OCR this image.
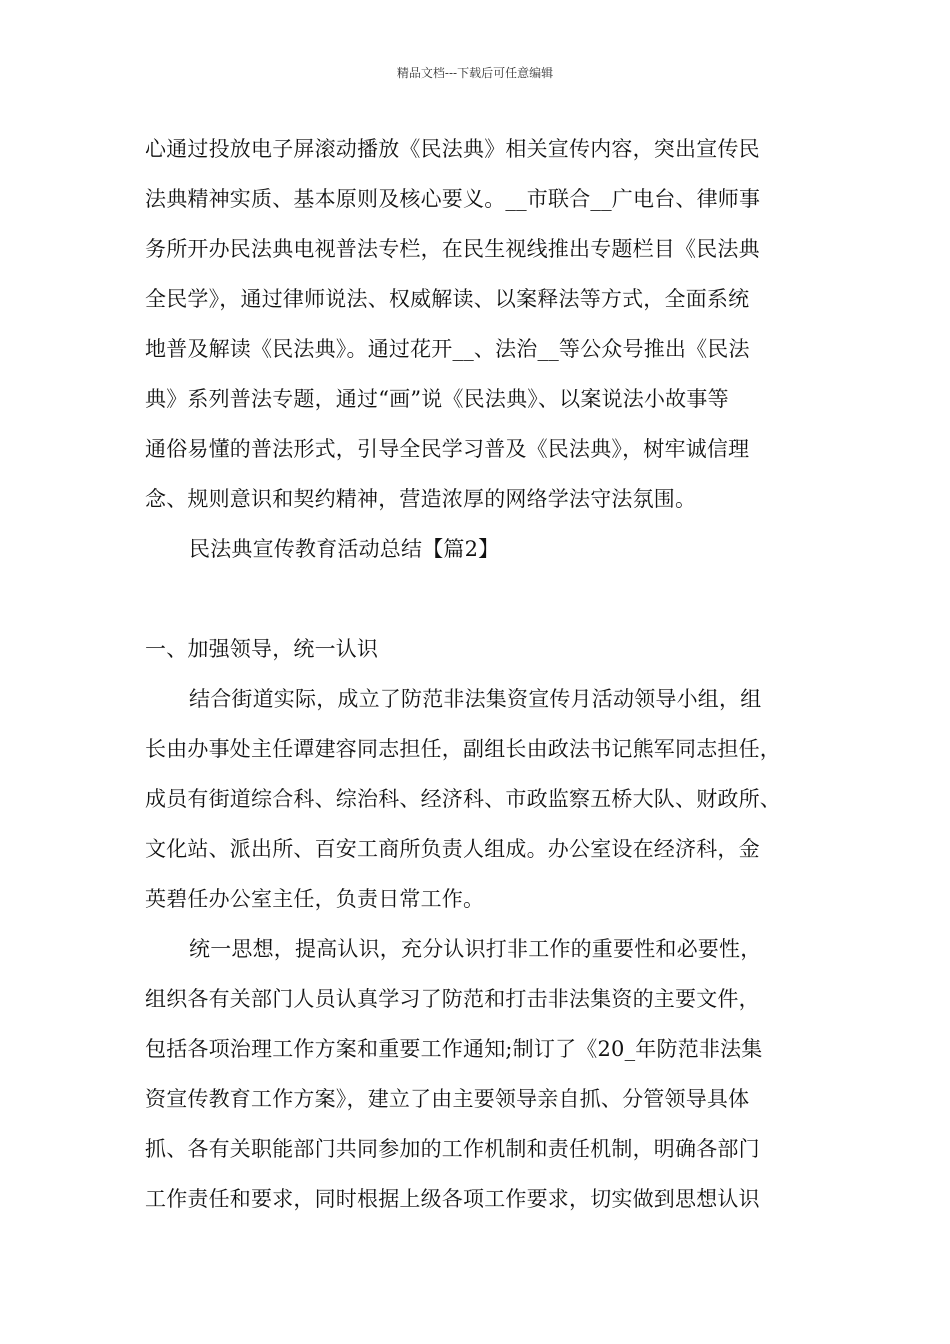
精品文档---下载后可任意编辑
心通过投放电子屏滚动播放《民法典》相关宣传内容，突出宣传民
法典精神实质、基本原则及核心要义。__市联合__广电台、律师事
务所开办民法典电视普法专栏，在民生视线推出专题栏目《民法典
全民学》，通过律师说法、权威解读、以案释法等方式，全面系统
地普及解读《民法典》。通过花开__、法治__等公众号推出《民法
典》系列普法专题，通过“画”说《民法典》、以案说法小故事等
通俗易懂的普法形式，引导全民学习普及《民法典》，树牢诚信理
念、规则意识和契约精神，营造浓厚的网络学法守法氛围。
民法典宣传教育活动总结【篇2】
一、加强领导，统一认识
结合街道实际，成立了防范非法集资宣传月活动领导小组，组
长由办事处主任谭建容同志担任，副组长由政法书记熊军同志担任，
成员有街道综合科、综治科、经济科、市政监察五桥大队、财政所、
文化站、派出所、百安工商所负责人组成。办公室设在经济科，金
英碧任办公室主任，负责日常工作。
统一思想，提高认识，充分认识打非工作的重要性和必要性，
组织各有关部门人员认真学习了防范和打击非法集资的主要文件，
包括各项治理工作方案和重要工作通知;制订了《20_年防范非法集
资宣传教育工作方案》，建立了由主要领导亲自抓、分管领导具体
抓、各有关职能部门共同参加的工作机制和责任机制，明确各部门
工作责任和要求，同时根据上级各项工作要求，切实做到思想认识
